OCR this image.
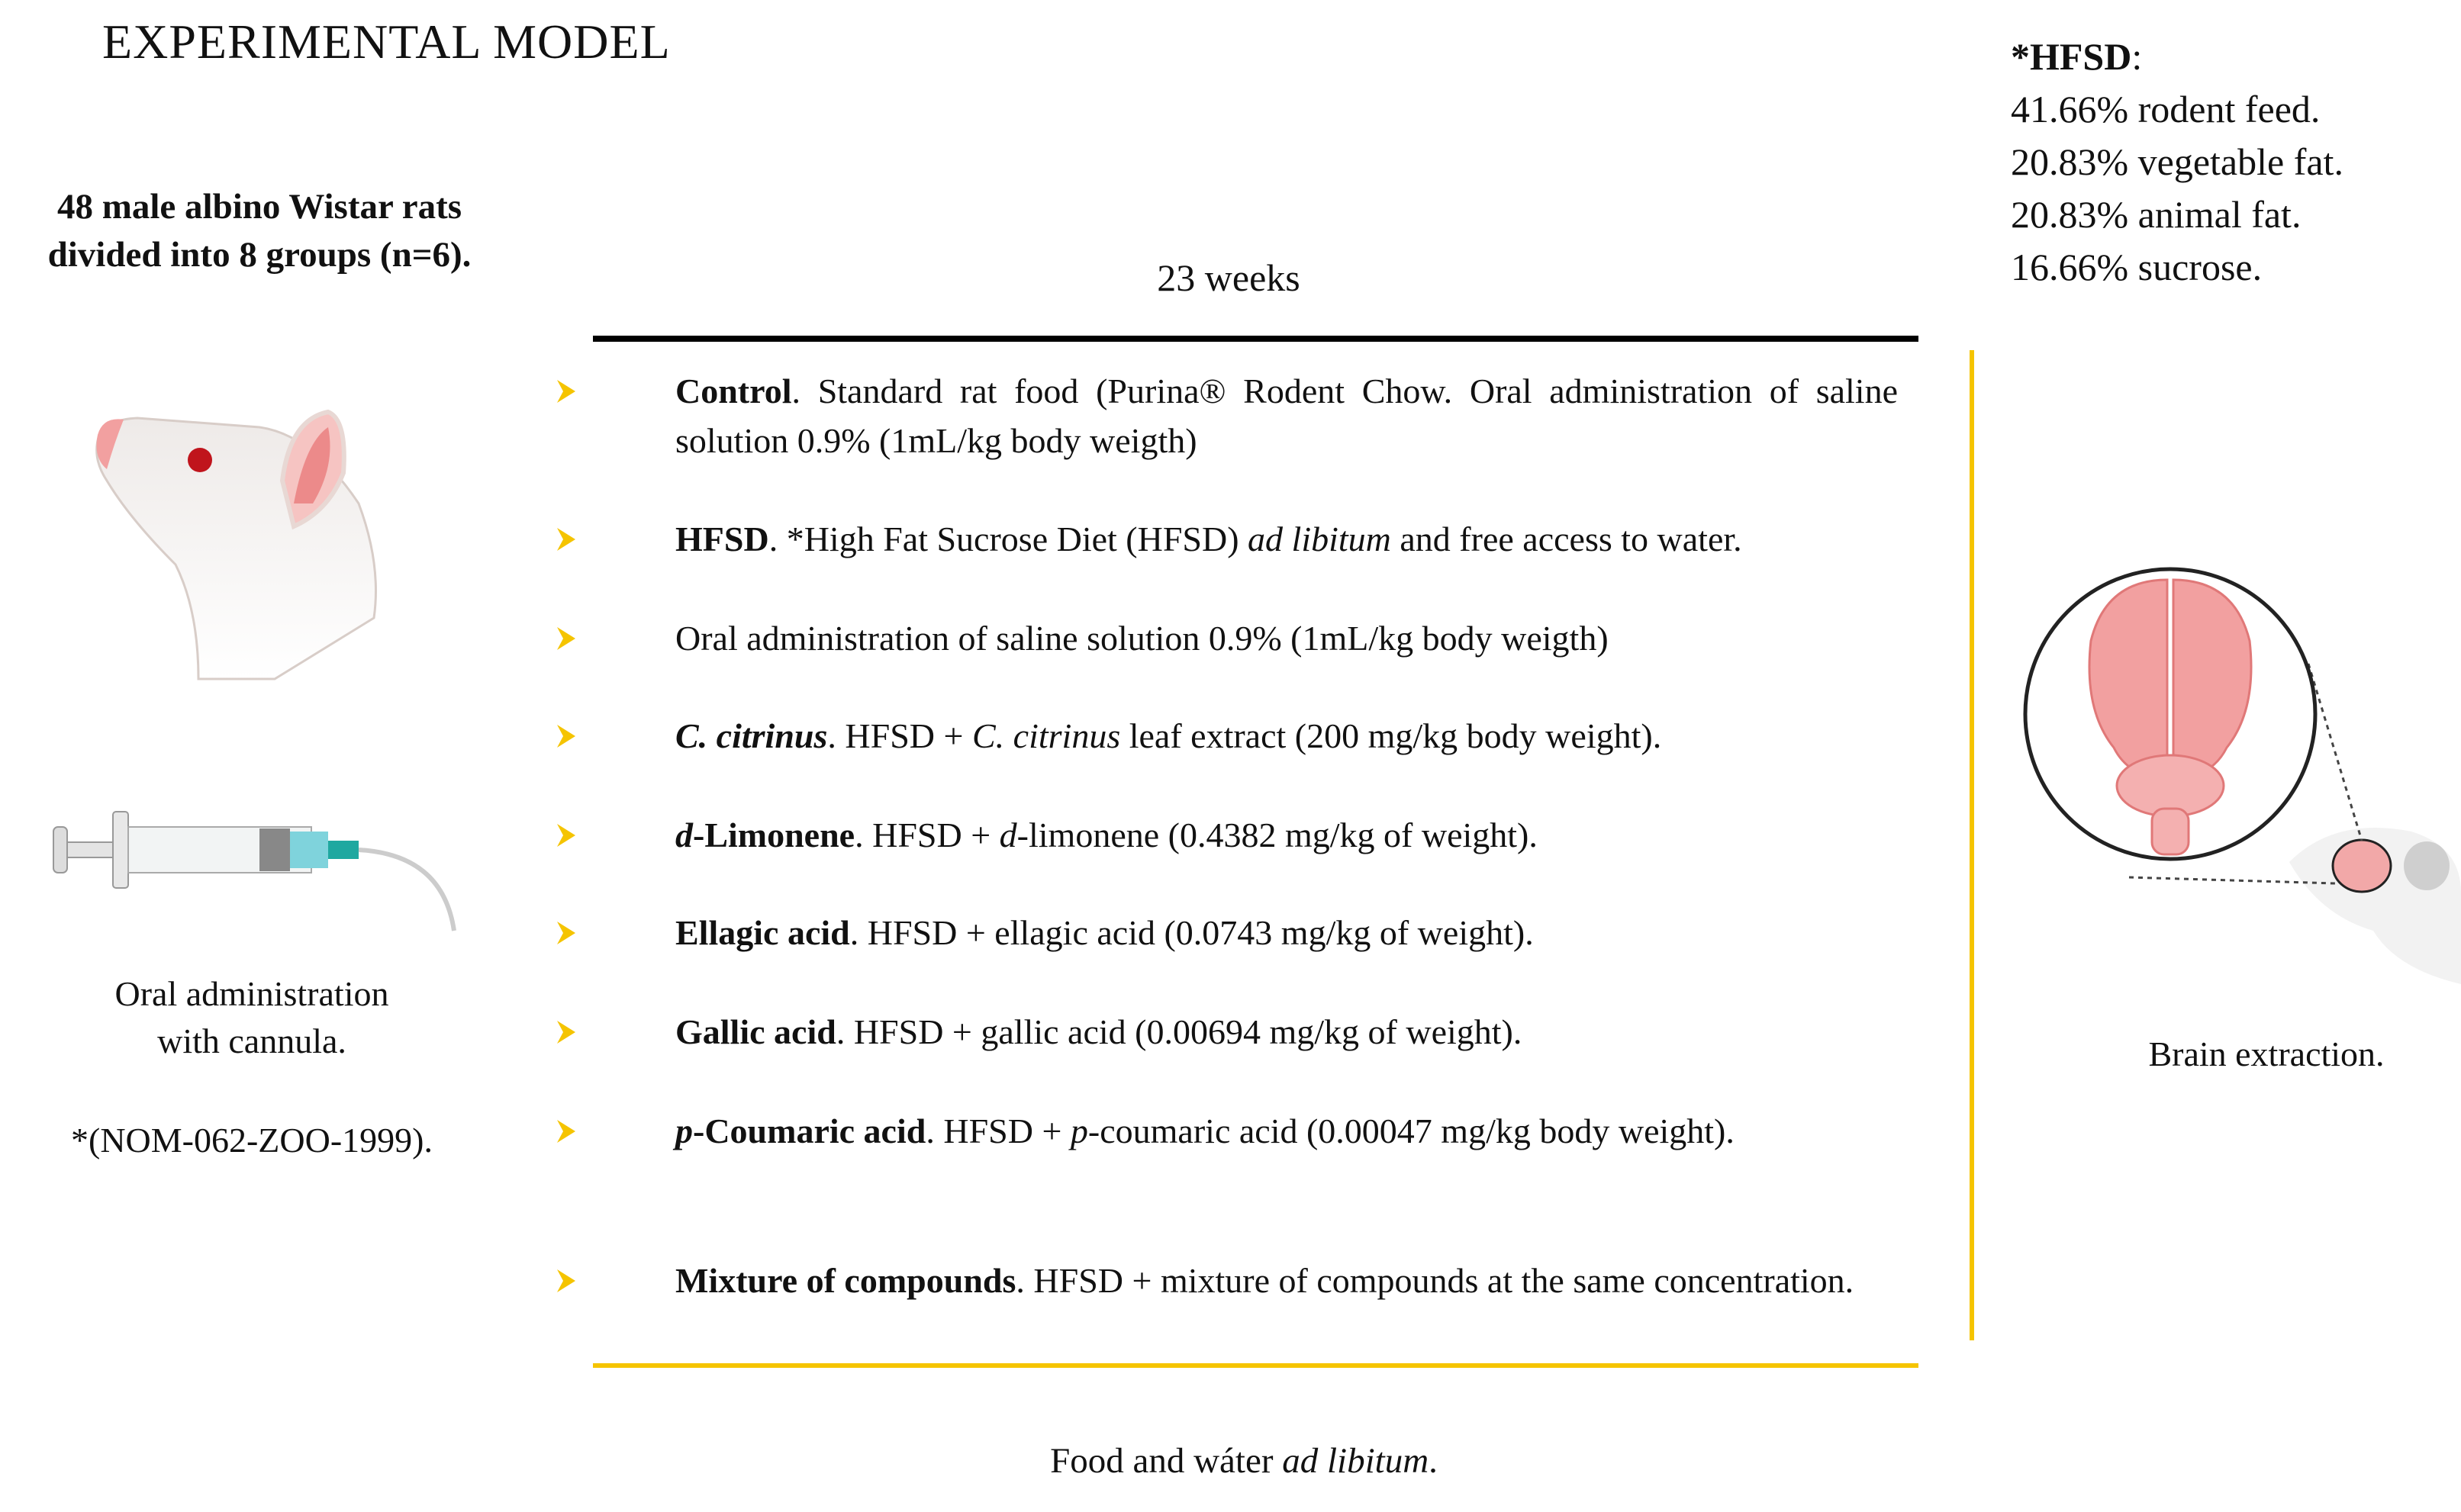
EXPERIMENTAL MODEL
48 male albino Wistar rats
divided into 8 groups (n=6).
Oral administration
with cannula.
*(NOM-062-ZOO-1999).
23 weeks
Control. Standard rat food (Purina® Rodent Chow. Oral administration of saline solution 0.9% (1mL/kg body weigth)
HFSD. *High Fat Sucrose Diet (HFSD) ad libitum and free access to water.
Oral administration of saline solution 0.9% (1mL/kg body weigth)
C. citrinus. HFSD + C. citrinus leaf extract (200 mg/kg body weight).
d-Limonene. HFSD + d-limonene (0.4382 mg/kg of weight).
Ellagic acid. HFSD + ellagic acid (0.0743 mg/kg of weight).
Gallic acid. HFSD + gallic acid (0.00694 mg/kg of weight).
p-Coumaric acid. HFSD + p-coumaric acid (0.00047 mg/kg body weight).
Mixture of compounds. HFSD + mixture of compounds at the same concentration.
Food and wáter ad libitum.
*HFSD:
41.66% rodent feed.
20.83% vegetable fat.
20.83% animal fat.
16.66% sucrose.
Brain extraction.
